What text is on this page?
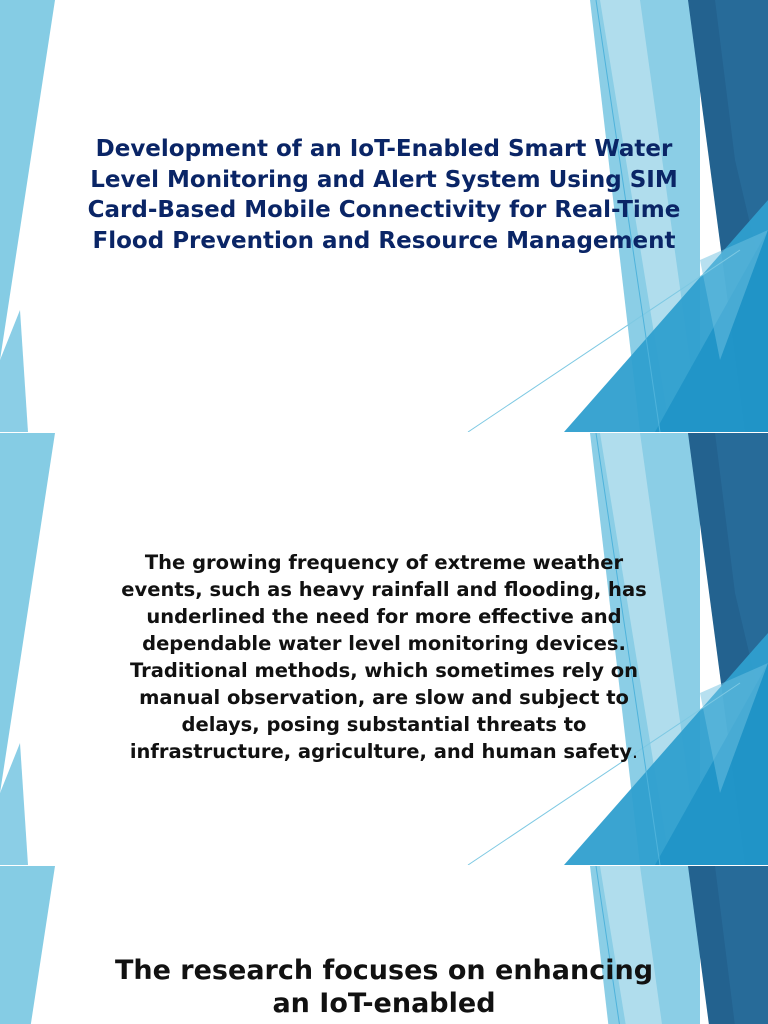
Development of an IoT-Enabled Smart Water Level Monitoring and Alert System Using SIM Card-Based Mobile Connectivity for Real-Time Flood Prevention and Resource Management
The growing frequency of extreme weather events, such as heavy rainfall and flooding, has underlined the need for more effective and dependable water level monitoring devices. Traditional methods, which sometimes rely on manual observation, are slow and subject to delays, posing substantial threats to infrastructure, agriculture, and human safety.
The research focuses on enhancing an IoT-enabled
